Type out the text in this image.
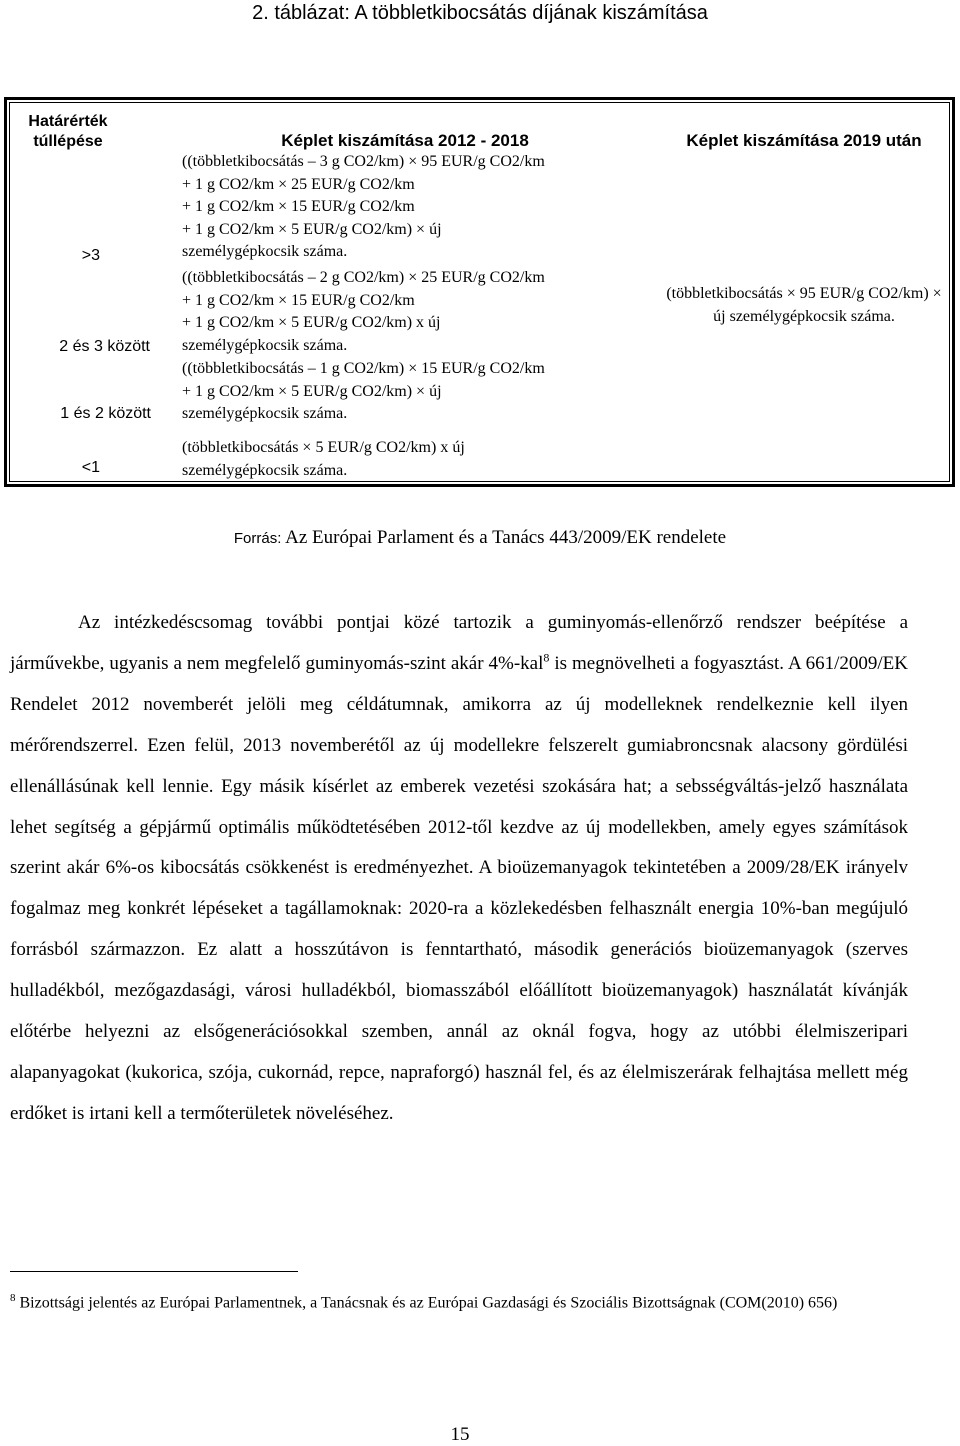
2. táblázat: A többletkibocsátás díjának kiszámítása
Határérték
túllépése	Képlet kiszámítása 2012 - 2018	Képlet kiszámítása 2019 után
>3
2 és 3 között
1 és 2 között
<1
((többletkibocsátás – 3 g CO2/km) × 95 EUR/g CO2/km
+ 1 g CO2/km × 25 EUR/g CO2/km
+ 1 g CO2/km × 15 EUR/g CO2/km
+ 1 g CO2/km × 5 EUR/g CO2/km) × új
személygépkocsik száma.
((többletkibocsátás – 2 g CO2/km) × 25 EUR/g CO2/km
+ 1 g CO2/km × 15 EUR/g CO2/km
+ 1 g CO2/km × 5 EUR/g CO2/km) x új
személygépkocsik száma.
((többletkibocsátás – 1 g CO2/km) × 15 EUR/g CO2/km
+ 1 g CO2/km × 5 EUR/g CO2/km) × új
személygépkocsik száma.
(többletkibocsátás × 5 EUR/g CO2/km) x új
személygépkocsik száma.
(többletkibocsátás × 95 EUR/g CO2/km) × új személygépkocsik száma.
Forrás: Az Európai Parlament és a Tanács 443/2009/EK rendelete
Az intézkedéscsomag további pontjai közé tartozik a guminyomás-ellenőrző rendszer beépítése a járművekbe, ugyanis a nem megfelelő guminyomás-szint akár 4%-kal$^8$ is megnövelheti a fogyasztást. A 661/2009/EK Rendelet 2012 novemberét jelöli meg céldátumnak, amikorra az új modelleknek rendelkeznie kell ilyen mérőrendszerrel. Ezen felül, 2013 novemberétől az új modellekre felszerelt gumiabroncsnak alacsony gördülési ellenállásúnak kell lennie. Egy másik kísérlet az emberek vezetési szokására hat; a sebsségváltás-jelző használata lehet segítség a gépjármű optimális működtetésében 2012-től kezdve az új modellekben, amely egyes számítások szerint akár 6%-os kibocsátás csökkenést is eredményezhet. A bioüzemanyagok tekintetében a 2009/28/EK irányelv fogalmaz meg konkrét lépéseket a tagállamoknak: 2020-ra a közlekedésben felhasznált energia 10%-ban megújuló forrásból származzon. Ez alatt a hosszútávon is fenntartható, második generációs bioüzemanyagok (szerves hulladékból, mezőgazdasági, városi hulladékból, biomasszából előállított bioüzemanyagok) használatát kívánják előtérbe helyezni az elsőgenerációsokkal szemben, annál az oknál fogva, hogy az utóbbi élelmiszeripari alapanyagokat (kukorica, szója, cukornád, repce, napraforgó) használ fel, és az élelmiszerárak felhajtása mellett még erdőket is irtani kell a termőterületek növeléséhez.
$^8$ Bizottsági jelentés az Európai Parlamentnek, a Tanácsnak és az Európai Gazdasági és Szociális Bizottságnak (COM(2010) 656)
15
